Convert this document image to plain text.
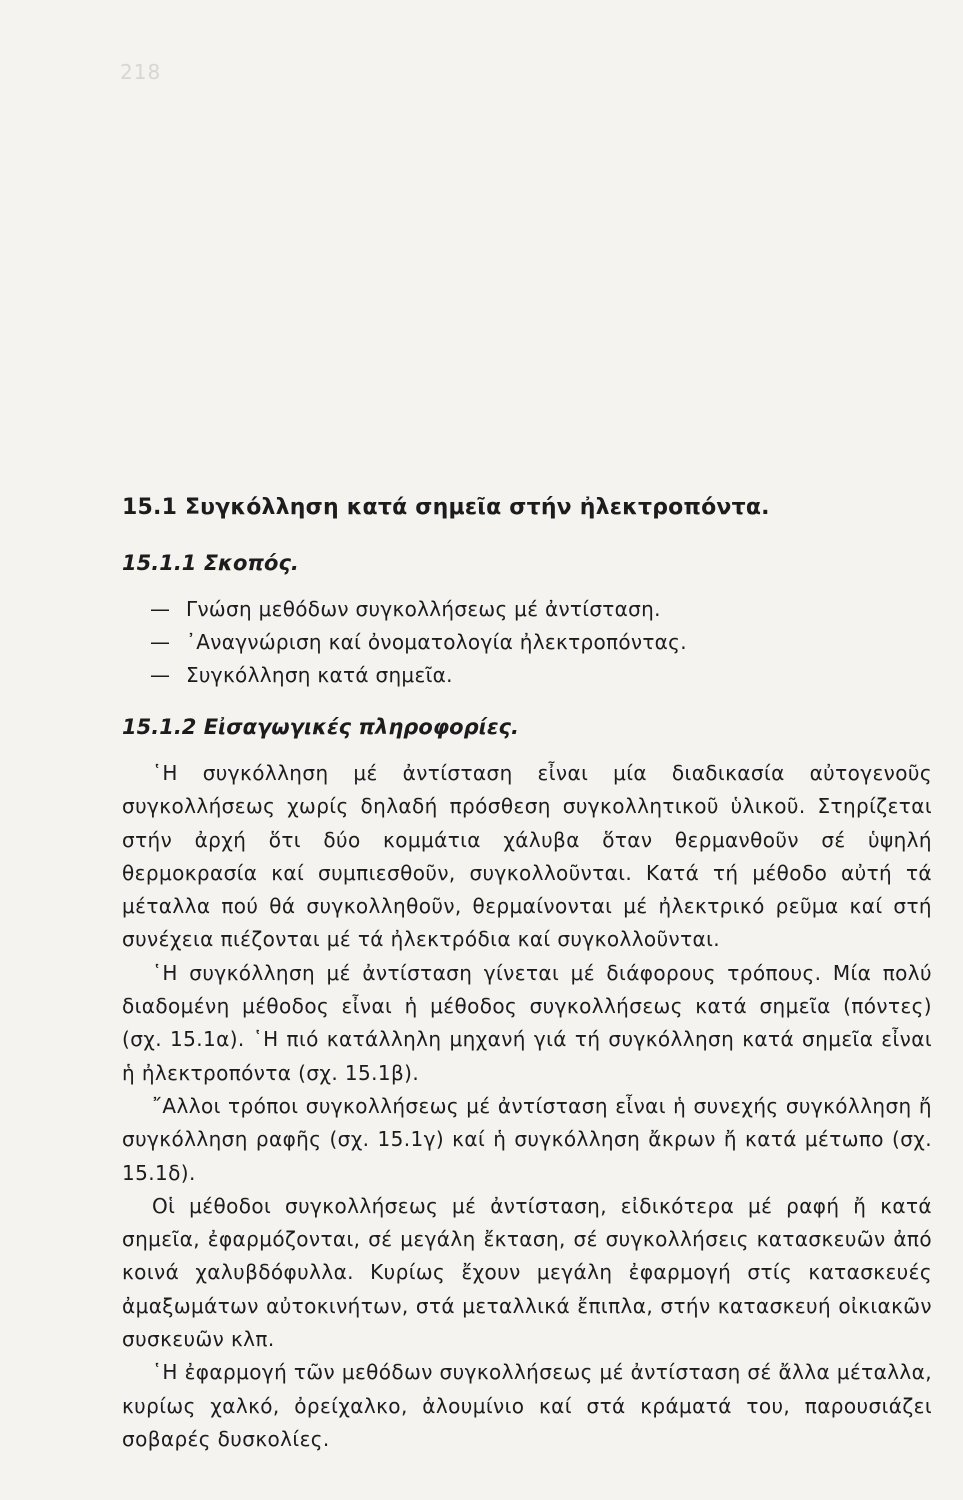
218

15.1 Συγκόλληση κατά σημεῖα στήν ἠλεκτροπόντα.
15.1.1 Σκοπός.
— Γνώση μεθόδων συγκολλήσεως μέ ἀντίσταση.
— ᾿Αναγνώριση καί ὀνοματολογία ἠλεκτροπόντας.
— Συγκόλληση κατά σημεῖα.
15.1.2 Εἰσαγωγικές πληροφορίες.

῾Η συγκόλληση μέ ἀντίσταση εἶναι μία διαδικασία αὐτογενοῦς συγκολλήσεως χωρίς δηλαδή πρόσθεση συγκολλητικοῦ ὑλικοῦ. Στηρίζεται στήν ἀρχή ὅτι δύο κομμάτια χάλυβα ὅταν θερμανθοῦν σέ ὑψηλή θερμοκρασία καί συμπιεσθοῦν, συγκολλοῦνται. Κατά τή μέθοδο αὐτή τά μέταλλα πού θά συγκολληθοῦν, θερμαίνονται μέ ἠλεκτρικό ρεῦμα καί στή συνέχεια πιέζονται μέ τά ἠλεκτρόδια καί συγκολλοῦνται.

῾Η συγκόλληση μέ ἀντίσταση γίνεται μέ διάφορους τρόπους. Μία πολύ διαδομένη μέθοδος εἶναι ἡ μέθοδος συγκολλήσεως κατά σημεῖα (πόντες) (σχ. 15.1α). ῾Η πιό κατάλληλη μηχανή γιά τή συγκόλληση κατά σημεῖα εἶναι ἡ ἠλεκτροπόντα (σχ. 15.1β).

῎Αλλοι τρόποι συγκολλήσεως μέ ἀντίσταση εἶναι ἡ συνεχής συγκόλληση ἤ συγκόλληση ραφῆς (σχ. 15.1γ) καί ἡ συγκόλληση ἄκρων ἤ κατά μέτωπο (σχ. 15.1δ).

Οἱ μέθοδοι συγκολλήσεως μέ ἀντίσταση, εἰδικότερα μέ ραφή ἤ κατά σημεῖα, ἐφαρμόζονται, σέ μεγάλη ἔκταση, σέ συγκολλήσεις κατασκευῶν ἀπό κοινά χαλυβδόφυλλα. Κυρίως ἔχουν μεγάλη ἐφαρμογή στίς κατασκευές ἀμαξωμάτων αὐτοκινήτων, στά μεταλλικά ἔπιπλα, στήν κατασκευή οἰκιακῶν συσκευῶν κλπ.

῾Η ἐφαρμογή τῶν μεθόδων συγκολλήσεως μέ ἀντίσταση σέ ἄλλα μέταλλα, κυρίως χαλκό, ὀρείχαλκο, ἀλουμίνιο καί στά κράματά του, παρουσιάζει σοβαρές δυσκολίες.
